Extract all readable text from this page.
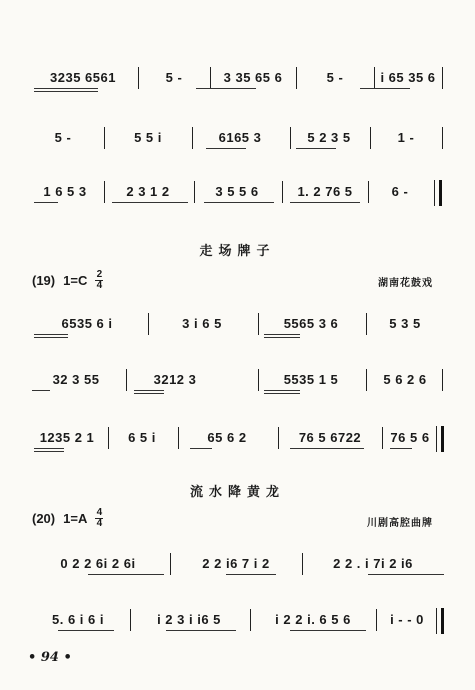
3235 6561	5 -	3 35 65 6	5 -	i 65 35 6
5 -	5 5 i	6165 3	5 2 3 5	1 -
1 6 5 3	2 3 1 2	3 5 5 6	1. 2 76 5	6 -
走场牌子
(19) $1=C \frac{2}{4}$	湖南花鼓戏
6535 6 i	3 i 6 5	5565 3 6	5 3 5
32 3 55	3212 3	5535 1 5	5 6 2 6
1235 2 1	6 5 i	65 6 2	76 5 6722	76 5 6
流水降黄龙
(20) $1=A \frac{4}{4}$	川剧高腔曲牌
0 2 2 6i 2 6i	2 2 i6 7 i 2	2 2 . i 7i 2 i6
5. 6 i 6 i	i 2 3 i i6 5	i 2 2 i. 6 5 6	i - - 0
• 94 •
